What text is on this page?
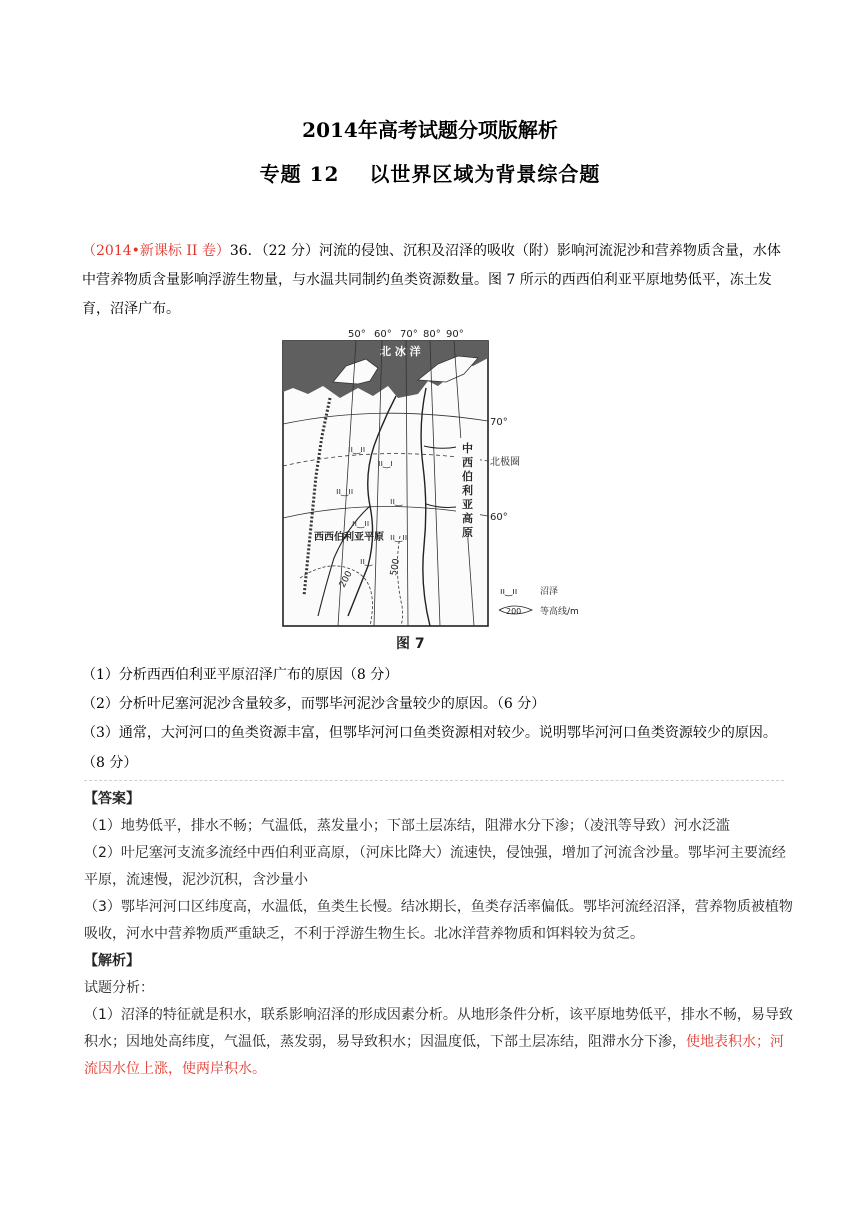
2014年高考试题分项版解析
专题 12 以世界区域为背景综合题
（2014•新课标 II 卷）36．（22 分）河流的侵蚀、沉积及沼泽的吸收（附）影响河流泥沙和营养物质含量，水体中营养物质含量影响浮游生物量，与水温共同制约鱼类资源数量。图 7 所示的西西伯利亚平原地势低平，冻土发育，沼泽广布。
50° 60° 70° 80° 90°
北 冰 洋
200
500
ıı‿ıı
ıı‿ı
ıı‿ıı
ıı‿
ıı‿ıı
ıı‿ıı
ıı‿
西西伯利亚平原
中
西
伯
利
亚
高
原
70°
北极圈
60°
ıı‿ıı	沼泽
200 等高线/m
图 7
（1）分析西西伯利亚平原沼泽广布的原因（8 分）
（2）分析叶尼塞河泥沙含量较多，而鄂毕河泥沙含量较少的原因。（6 分）
（3）通常，大河河口的鱼类资源丰富，但鄂毕河河口鱼类资源相对较少。说明鄂毕河河口鱼类资源较少的原因。（8 分）
【答案】
（1）地势低平，排水不畅；气温低，蒸发量小；下部土层冻结，阻滞水分下渗；（凌汛等导致）河水泛滥
（2）叶尼塞河支流多流经中西伯利亚高原，（河床比降大）流速快，侵蚀强，增加了河流含沙量。鄂毕河主要流经平原，流速慢，泥沙沉积，含沙量小
（3）鄂毕河河口区纬度高，水温低，鱼类生长慢。结冰期长，鱼类存活率偏低。鄂毕河流经沼泽，营养物质被植物吸收，河水中营养物质严重缺乏，不利于浮游生物生长。北冰洋营养物质和饵料较为贫乏。
【解析】
试题分析：
（1）沼泽的特征就是积水，联系影响沼泽的形成因素分析。从地形条件分析，该平原地势低平，排水不畅，易导致积水；因地处高纬度，气温低，蒸发弱，易导致积水；因温度低，下部土层冻结，阻滞水分下渗，使地表积水；河流因水位上涨，使两岸积水。
